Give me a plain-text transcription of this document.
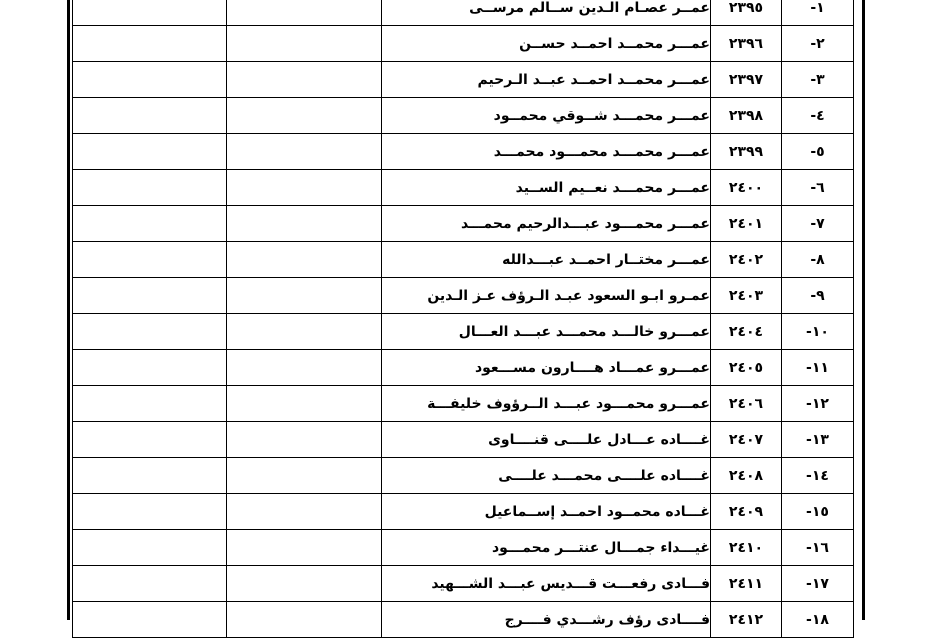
١-	٢٣٩٥	عمــر عصـام الـدين ســالم مرســى		
٢-	٢٣٩٦	عمـــر محمــد احمــد حســن		
٣-	٢٣٩٧	عمـــر محمــد احمــد عبــد الـرحيم		
٤-	٢٣٩٨	عمـــر محمـــد شــوقي محمــود		
٥-	٢٣٩٩	عمـــر محمـــد محمـــود محمـــد		
٦-	٢٤٠٠	عمـــر محمـــد نعــيم الســيد		
٧-	٢٤٠١	عمـــر محمـــود عبـــدالرحيم محمـــد		
٨-	٢٤٠٢	عمـــر مختــار احمــد عبـــدالله		
٩-	٢٤٠٣	عمـرو ابـو السعود عبـد الـرؤف عـز الـدين		
١٠-	٢٤٠٤	عمـــرو خالـــد محمـــد عبـــد العـــال		
١١-	٢٤٠٥	عمـــرو عمـــاد هــــارون مســـعود		
١٢-	٢٤٠٦	عمـــرو محمـــود عبـــد الــرؤوف خليفـــة		
١٣-	٢٤٠٧	غــــاده عـــادل علــــى قنــــاوى		
١٤-	٢٤٠٨	غــــاده علــــى محمـــد علــــى		
١٥-	٢٤٠٩	غـــاده محمــود احمــد إســماعيل		
١٦-	٢٤١٠	غيـــداء جمـــال عنتـــر محمـــود		
١٧-	٢٤١١	فـــادى رفعـــت قـــديس عبـــد الشـــهيد		
١٨-	٢٤١٢	فــــادى رؤف رشـــدي فــــرج		
